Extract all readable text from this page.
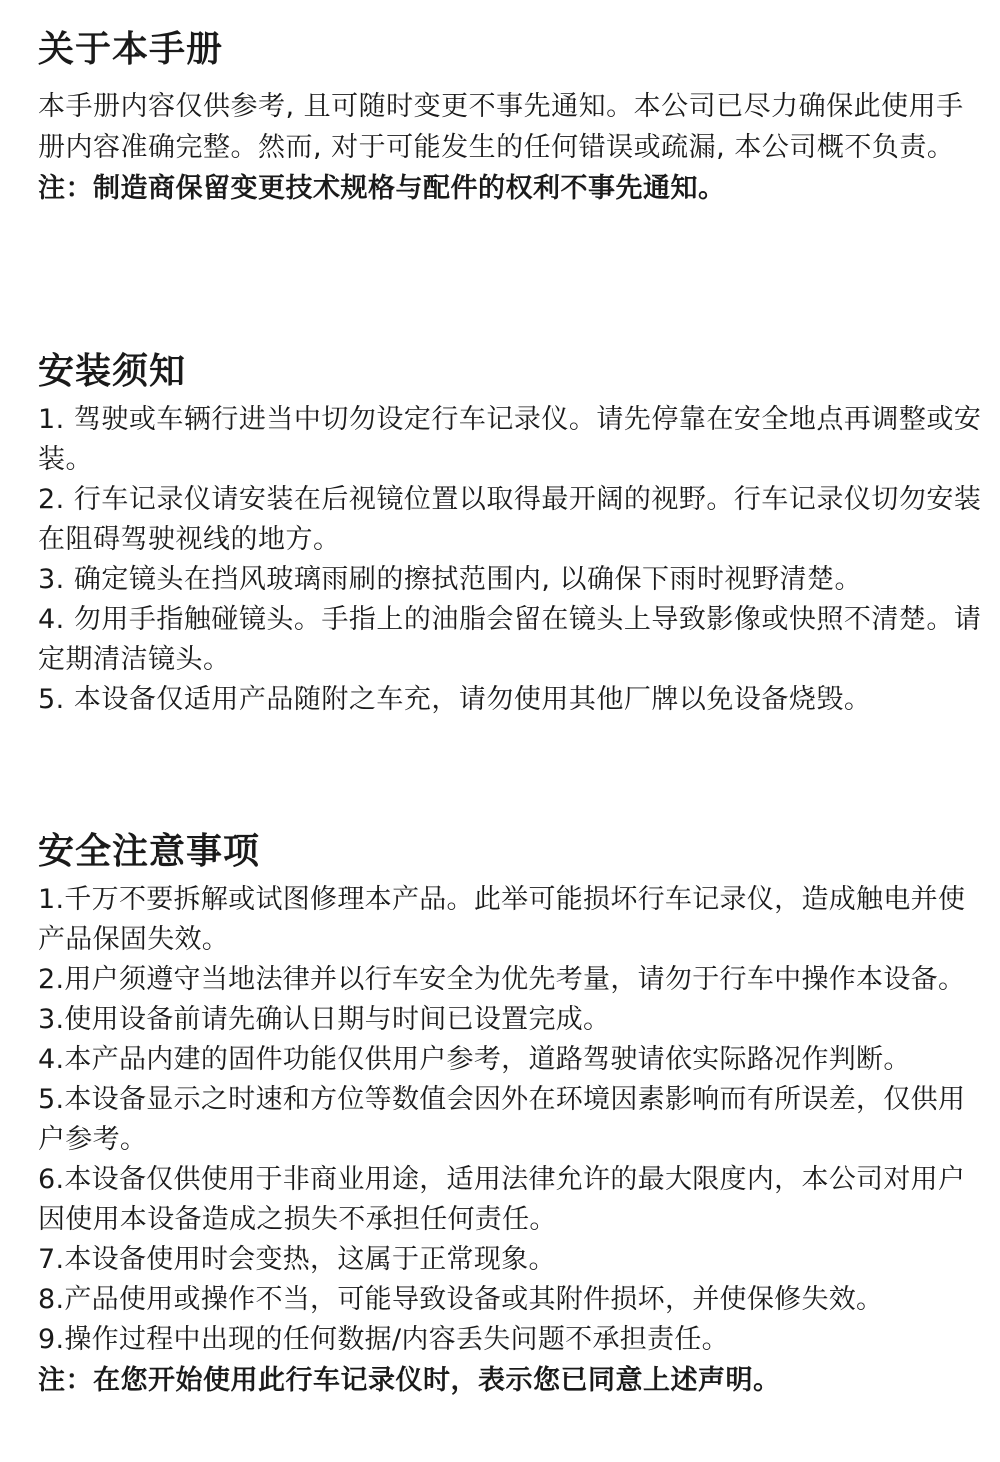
关于本手册

本手册内容仅供参考, 且可随时变更不事先通知。本公司已尽力确保此使用手册内容准确完整。然而, 对于可能发生的任何错误或疏漏, 本公司概不负责。

注：制造商保留变更技术规格与配件的权利不事先通知。

安装须知

1. 驾驶或车辆行进当中切勿设定行车记录仪。请先停靠在安全地点再调整或安装。

2. 行车记录仪请安装在后视镜位置以取得最开阔的视野。行车记录仪切勿安装在阻碍驾驶视线的地方。

3. 确定镜头在挡风玻璃雨刷的擦拭范围内, 以确保下雨时视野清楚。

4. 勿用手指触碰镜头。手指上的油脂会留在镜头上导致影像或快照不清楚。请定期清洁镜头。

5. 本设备仅适用产品随附之车充，请勿使用其他厂牌以免设备烧毁。

安全注意事项

1.千万不要拆解或试图修理本产品。此举可能损坏行车记录仪，造成触电并使产品保固失效。

2.用户须遵守当地法律并以行车安全为优先考量，请勿于行车中操作本设备。

3.使用设备前请先确认日期与时间已设置完成。

4.本产品内建的固件功能仅供用户参考，道路驾驶请依实际路况作判断。

5.本设备显示之时速和方位等数值会因外在环境因素影响而有所误差，仅供用户参考。

6.本设备仅供使用于非商业用途，适用法律允许的最大限度内，本公司对用户因使用本设备造成之损失不承担任何责任。

7.本设备使用时会变热，这属于正常现象。

8.产品使用或操作不当，可能导致设备或其附件损坏，并使保修失效。

9.操作过程中出现的任何数据/内容丢失问题不承担责任。

注：在您开始使用此行车记录仪时，表示您已同意上述声明。
